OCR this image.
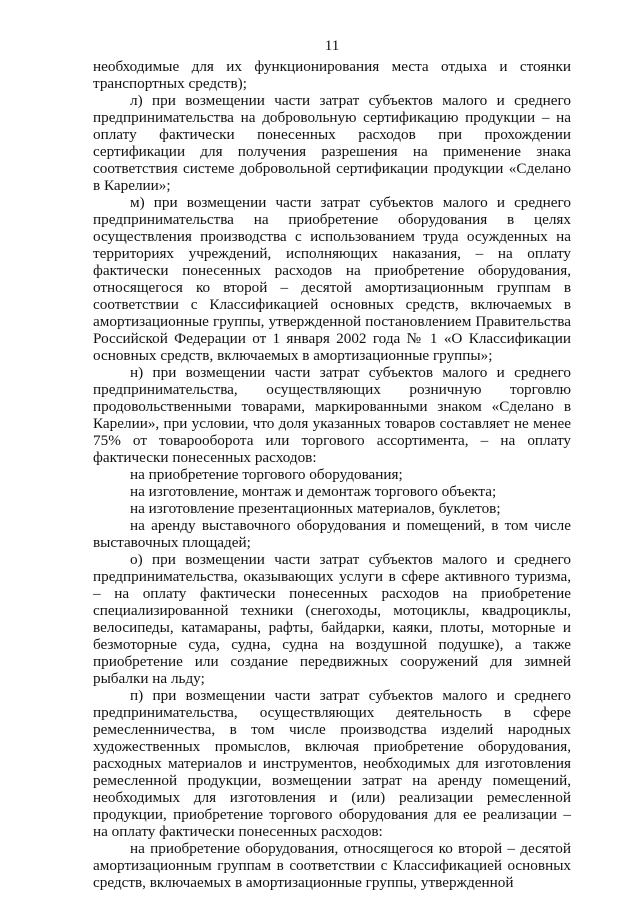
11

необходимые для их функционирования места отдыха и стоянки транспортных средств);

л) при возмещении части затрат субъектов малого и среднего предпринимательства на добровольную сертификацию продукции – на оплату фактически понесенных расходов при прохождении сертификации для получения разрешения на применение знака соответствия системе добровольной сертификации продукции «Сделано в Карелии»;

м) при возмещении части затрат субъектов малого и среднего предпринимательства на приобретение оборудования в целях осуществления производства с использованием труда осужденных на территориях учреждений, исполняющих наказания, – на оплату фактически понесенных расходов на приобретение оборудования, относящегося ко второй – десятой амортизационным группам в соответствии с Классификацией основных средств, включаемых в амортизационные группы, утвержденной постановлением Правительства Российской Федерации от 1 января 2002 года № 1 «О Классификации основных средств, включаемых в амортизационные группы»;

н) при возмещении части затрат субъектов малого и среднего предпринимательства, осуществляющих розничную торговлю продовольственными товарами, маркированными знаком «Сделано в Карелии», при условии, что доля указанных товаров составляет не менее 75% от товарооборота или торгового ассортимента, – на оплату фактически понесенных расходов:

на приобретение торгового оборудования;

на изготовление, монтаж и демонтаж торгового объекта;

на изготовление презентационных материалов, буклетов;

на аренду выставочного оборудования и помещений, в том числе выставочных площадей;

о) при возмещении части затрат субъектов малого и среднего предпринимательства, оказывающих услуги в сфере активного туризма, – на оплату фактически понесенных расходов на приобретение специализированной техники (снегоходы, мотоциклы, квадроциклы, велосипеды, катамараны, рафты, байдарки, каяки, плоты, моторные и безмоторные суда, судна, судна на воздушной подушке), а также приобретение или создание передвижных сооружений для зимней рыбалки на льду;

п) при возмещении части затрат субъектов малого и среднего предпринимательства, осуществляющих деятельность в сфере ремесленничества, в том числе производства изделий народных художественных промыслов, включая приобретение оборудования, расходных материалов и инструментов, необходимых для изготовления ремесленной продукции, возмещении затрат на аренду помещений, необходимых для изготовления и (или) реализации ремесленной продукции, приобретение торгового оборудования для ее реализации – на оплату фактически понесенных расходов:

на приобретение оборудования, относящегося ко второй – десятой амортизационным группам в соответствии с Классификацией основных средств, включаемых в амортизационные группы, утвержденной
